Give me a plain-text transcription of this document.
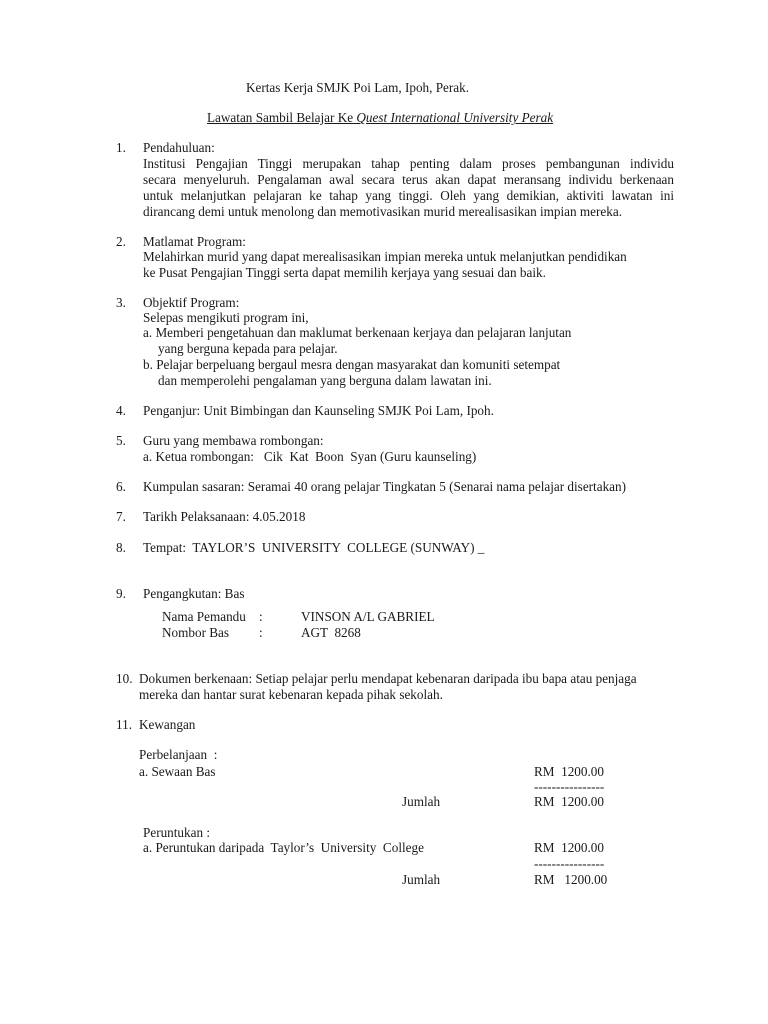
Kertas Kerja SMJK Poi Lam, Ipoh, Perak.
Lawatan Sambil Belajar Ke Quest International University Perak
1. Pendahuluan:
Institusi Pengajian Tinggi merupakan tahap penting dalam proses pembangunan individu
secara menyeluruh. Pengalaman awal secara terus akan dapat meransang individu berkenaan
untuk melanjutkan pelajaran ke tahap yang tinggi. Oleh yang demikian, aktiviti lawatan ini
dirancang demi untuk menolong dan memotivasikan murid merealisasikan impian mereka.
2. Matlamat Program:
Melahirkan murid yang dapat merealisasikan impian mereka untuk melanjutkan pendidikan
ke Pusat Pengajian Tinggi serta dapat memilih kerjaya yang sesuai dan baik.
3. Objektif Program:
Selepas mengikuti program ini,
a. Memberi pengetahuan dan maklumat berkenaan kerjaya dan pelajaran lanjutan
yang berguna kepada para pelajar.
b. Pelajar berpeluang bergaul mesra dengan masyarakat dan komuniti setempat
dan memperolehi pengalaman yang berguna dalam lawatan ini.
4. Penganjur: Unit Bimbingan dan Kaunseling SMJK Poi Lam, Ipoh.
5. Guru yang membawa rombongan:
a. Ketua rombongan:   Cik  Kat  Boon  Syan (Guru kaunseling)
6. Kumpulan sasaran: Seramai 40 orang pelajar Tingkatan 5 (Senarai nama pelajar disertakan)
7. Tarikh Pelaksanaan: 4.05.2018
8. Tempat:  TAYLOR’S  UNIVERSITY  COLLEGE (SUNWAY) _
9. Pengangkutan: Bas
Nama Pemandu :	VINSON A/L GABRIEL
Nombor Bas :	AGT  8268
10. Dokumen berkenaan: Setiap pelajar perlu mendapat kebenaran daripada ibu bapa atau penjaga
mereka dan hantar surat kebenaran kepada pihak sekolah.
11. Kewangan
Perbelanjaan  :
a. Sewaan Bas	RM  1200.00
----------------
Jumlah	RM  1200.00
Peruntukan :
a. Peruntukan daripada  Taylor’s  University  College	RM  1200.00
----------------
Jumlah	RM   1200.00
